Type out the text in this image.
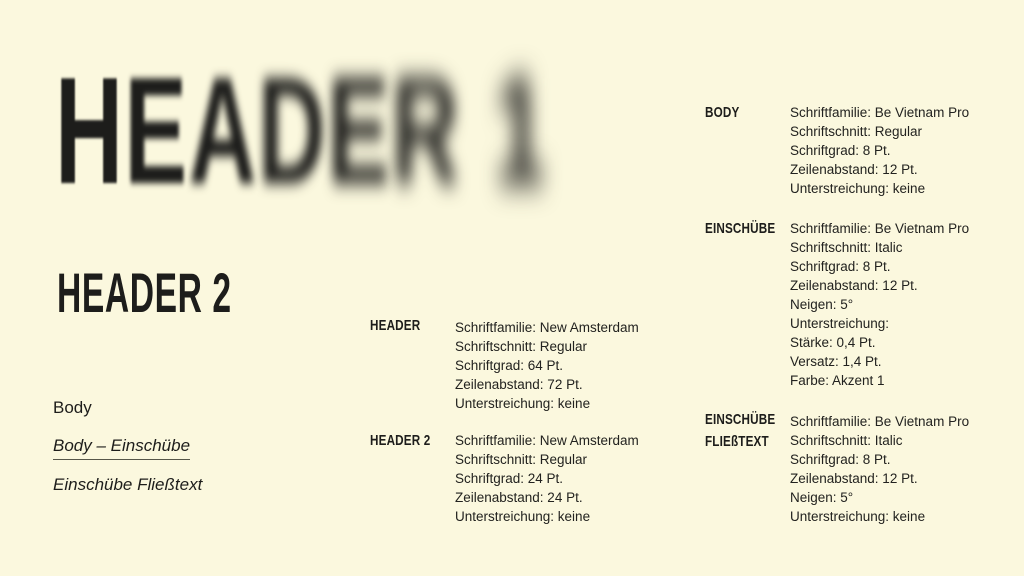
HEADER 1
HEADER 2
Body
Body – Einschübe
Einschübe Fließtext
HEADER	Schriftfamilie: New Amsterdam
Schriftschnitt: Regular
Schriftgrad: 64 Pt.
Zeilenabstand: 72 Pt.
Unterstreichung: keine
HEADER 2	Schriftfamilie: New Amsterdam
Schriftschnitt: Regular
Schriftgrad: 24 Pt.
Zeilenabstand: 24 Pt.
Unterstreichung: keine
BODY	Schriftfamilie: Be Vietnam Pro
Schriftschnitt: Regular
Schriftgrad: 8 Pt.
Zeilenabstand: 12 Pt.
Unterstreichung: keine
EINSCHÜBE	Schriftfamilie: Be Vietnam Pro
Schriftschnitt: Italic
Schriftgrad: 8 Pt.
Zeilenabstand: 12 Pt.
Neigen: 5°
Unterstreichung:
Stärke: 0,4 Pt.
Versatz: 1,4 Pt.
Farbe: Akzent 1
EINSCHÜBE
FLIEßTEXT
Schriftfamilie: Be Vietnam Pro
Schriftschnitt: Italic
Schriftgrad: 8 Pt.
Zeilenabstand: 12 Pt.
Neigen: 5°
Unterstreichung: keine
